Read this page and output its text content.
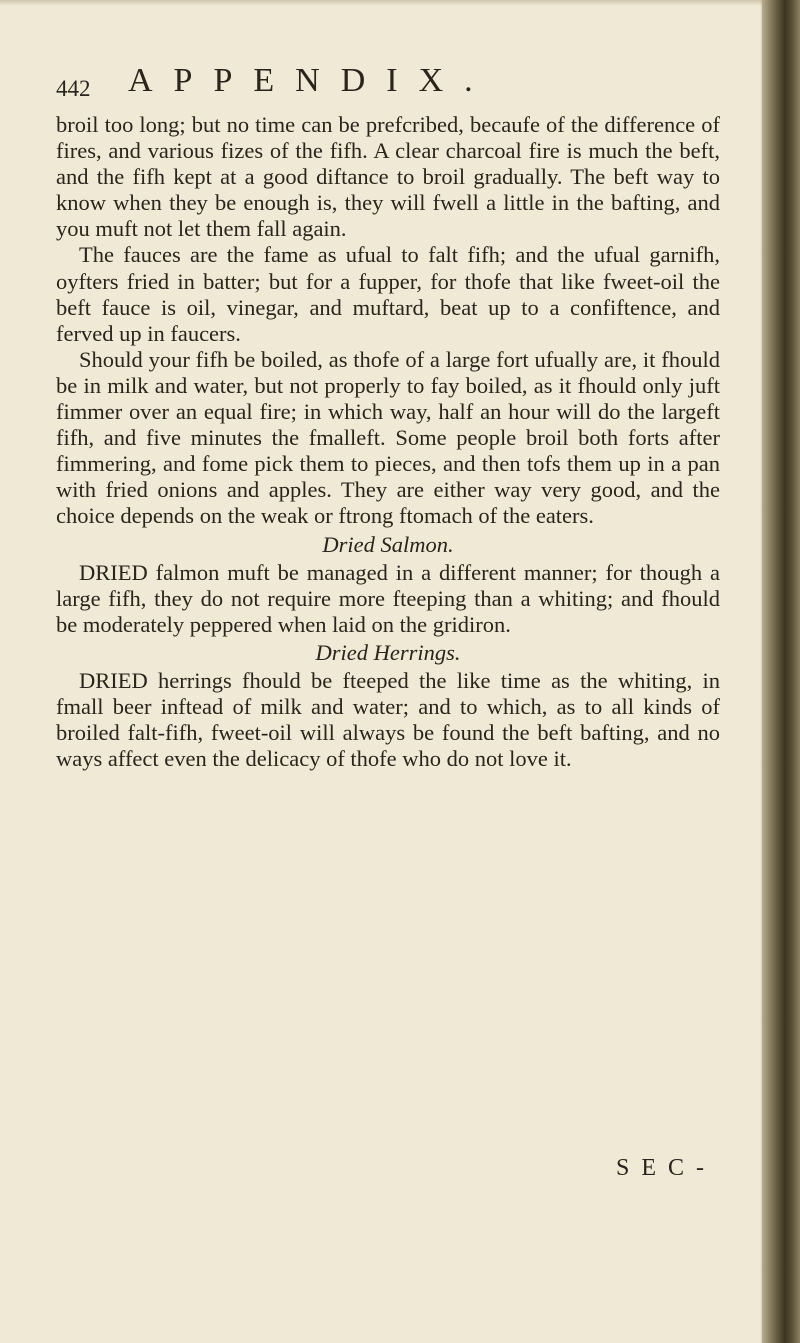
442 APPENDIX.

broil too long; but no time can be prefcribed, becaufe of the difference of fires, and various fizes of the fifh. A clear charcoal fire is much the beft, and the fifh kept at a good diftance to broil gradually. The beft way to know when they be enough is, they will fwell a little in the bafting, and you muft not let them fall again.

The fauces are the fame as ufual to falt fifh; and the ufual garnifh, oyfters fried in batter; but for a fupper, for thofe that like fweet-oil the beft fauce is oil, vinegar, and muftard, beat up to a confiftence, and ferved up in faucers.

Should your fifh be boiled, as thofe of a large fort ufually are, it fhould be in milk and water, but not properly to fay boiled, as it fhould only juft fimmer over an equal fire; in which way, half an hour will do the largeft fifh, and five minutes the fmalleft. Some people broil both forts after fimmering, and fome pick them to pieces, and then tofs them up in a pan with fried onions and apples. They are either way very good, and the choice depends on the weak or ftrong ftomach of the eaters.

Dried Salmon.

DRIED falmon muft be managed in a different manner; for though a large fifh, they do not require more fteeping than a whiting; and fhould be moderately peppered when laid on the gridiron.

Dried Herrings.

DRIED herrings fhould be fteeped the like time as the whiting, in fmall beer inftead of milk and water; and to which, as to all kinds of broiled falt-fifh, fweet-oil will always be found the beft bafting, and no ways affect even the delicacy of thofe who do not love it.

SEC-
